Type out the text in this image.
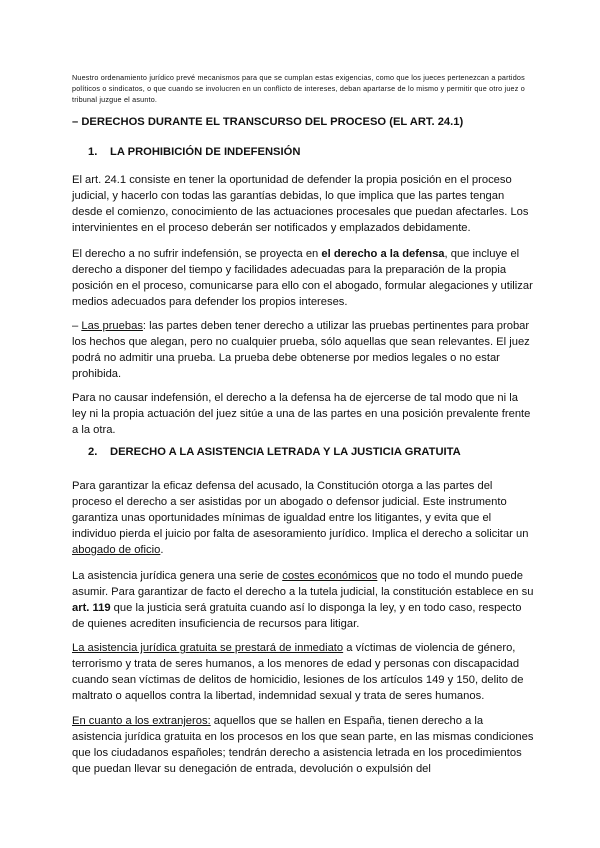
Nuestro ordenamiento jurídico prevé mecanismos para que se cumplan estas exigencias, como que los jueces pertenezcan a partidos políticos o sindicatos, o que cuando se involucren en un conflicto de intereses, deban apartarse de lo mismo y permitir que otro juez o tribunal juzgue el asunto.

– DERECHOS DURANTE EL TRANSCURSO DEL PROCESO (EL ART. 24.1)

1. LA PROHIBICIÓN DE INDEFENSIÓN

El art. 24.1 consiste en tener la oportunidad de defender la propia posición en el proceso judicial, y hacerlo con todas las garantías debidas, lo que implica que las partes tengan desde el comienzo, conocimiento de las actuaciones procesales que puedan afectarles. Los intervinientes en el proceso deberán ser notificados y emplazados debidamente.

El derecho a no sufrir indefensión, se proyecta en el derecho a la defensa, que incluye el derecho a disponer del tiempo y facilidades adecuadas para la preparación de la propia posición en el proceso, comunicarse para ello con el abogado, formular alegaciones y utilizar medios adecuados para defender los propios intereses.

– Las pruebas: las partes deben tener derecho a utilizar las pruebas pertinentes para probar los hechos que alegan, pero no cualquier prueba, sólo aquellas que sean relevantes. El juez podrá no admitir una prueba. La prueba debe obtenerse por medios legales o no estar prohibida.

Para no causar indefensión, el derecho a la defensa ha de ejercerse de tal modo que ni la ley ni la propia actuación del juez sitúe a una de las partes en una posición prevalente frente a la otra.

2. DERECHO A LA ASISTENCIA LETRADA Y LA JUSTICIA GRATUITA

Para garantizar la eficaz defensa del acusado, la Constitución otorga a las partes del proceso el derecho a ser asistidas por un abogado o defensor judicial. Este instrumento garantiza unas oportunidades mínimas de igualdad entre los litigantes, y evita que el individuo pierda el juicio por falta de asesoramiento jurídico. Implica el derecho a solicitar un abogado de oficio.

La asistencia jurídica genera una serie de costes económicos que no todo el mundo puede asumir. Para garantizar de facto el derecho a la tutela judicial, la constitución establece en su art. 119 que la justicia será gratuita cuando así lo disponga la ley, y en todo caso, respecto de quienes acrediten insuficiencia de recursos para litigar.

La asistencia jurídica gratuita se prestará de inmediato a víctimas de violencia de género, terrorismo y trata de seres humanos, a los menores de edad y personas con discapacidad cuando sean víctimas de delitos de homicidio, lesiones de los artículos 149 y 150, delito de maltrato o aquellos contra la libertad, indemnidad sexual y trata de seres humanos.

En cuanto a los extranjeros: aquellos que se hallen en España, tienen derecho a la asistencia jurídica gratuita en los procesos en los que sean parte, en las mismas condiciones que los ciudadanos españoles; tendrán derecho a asistencia letrada en los procedimientos que puedan llevar su denegación de entrada, devolución o expulsión del
